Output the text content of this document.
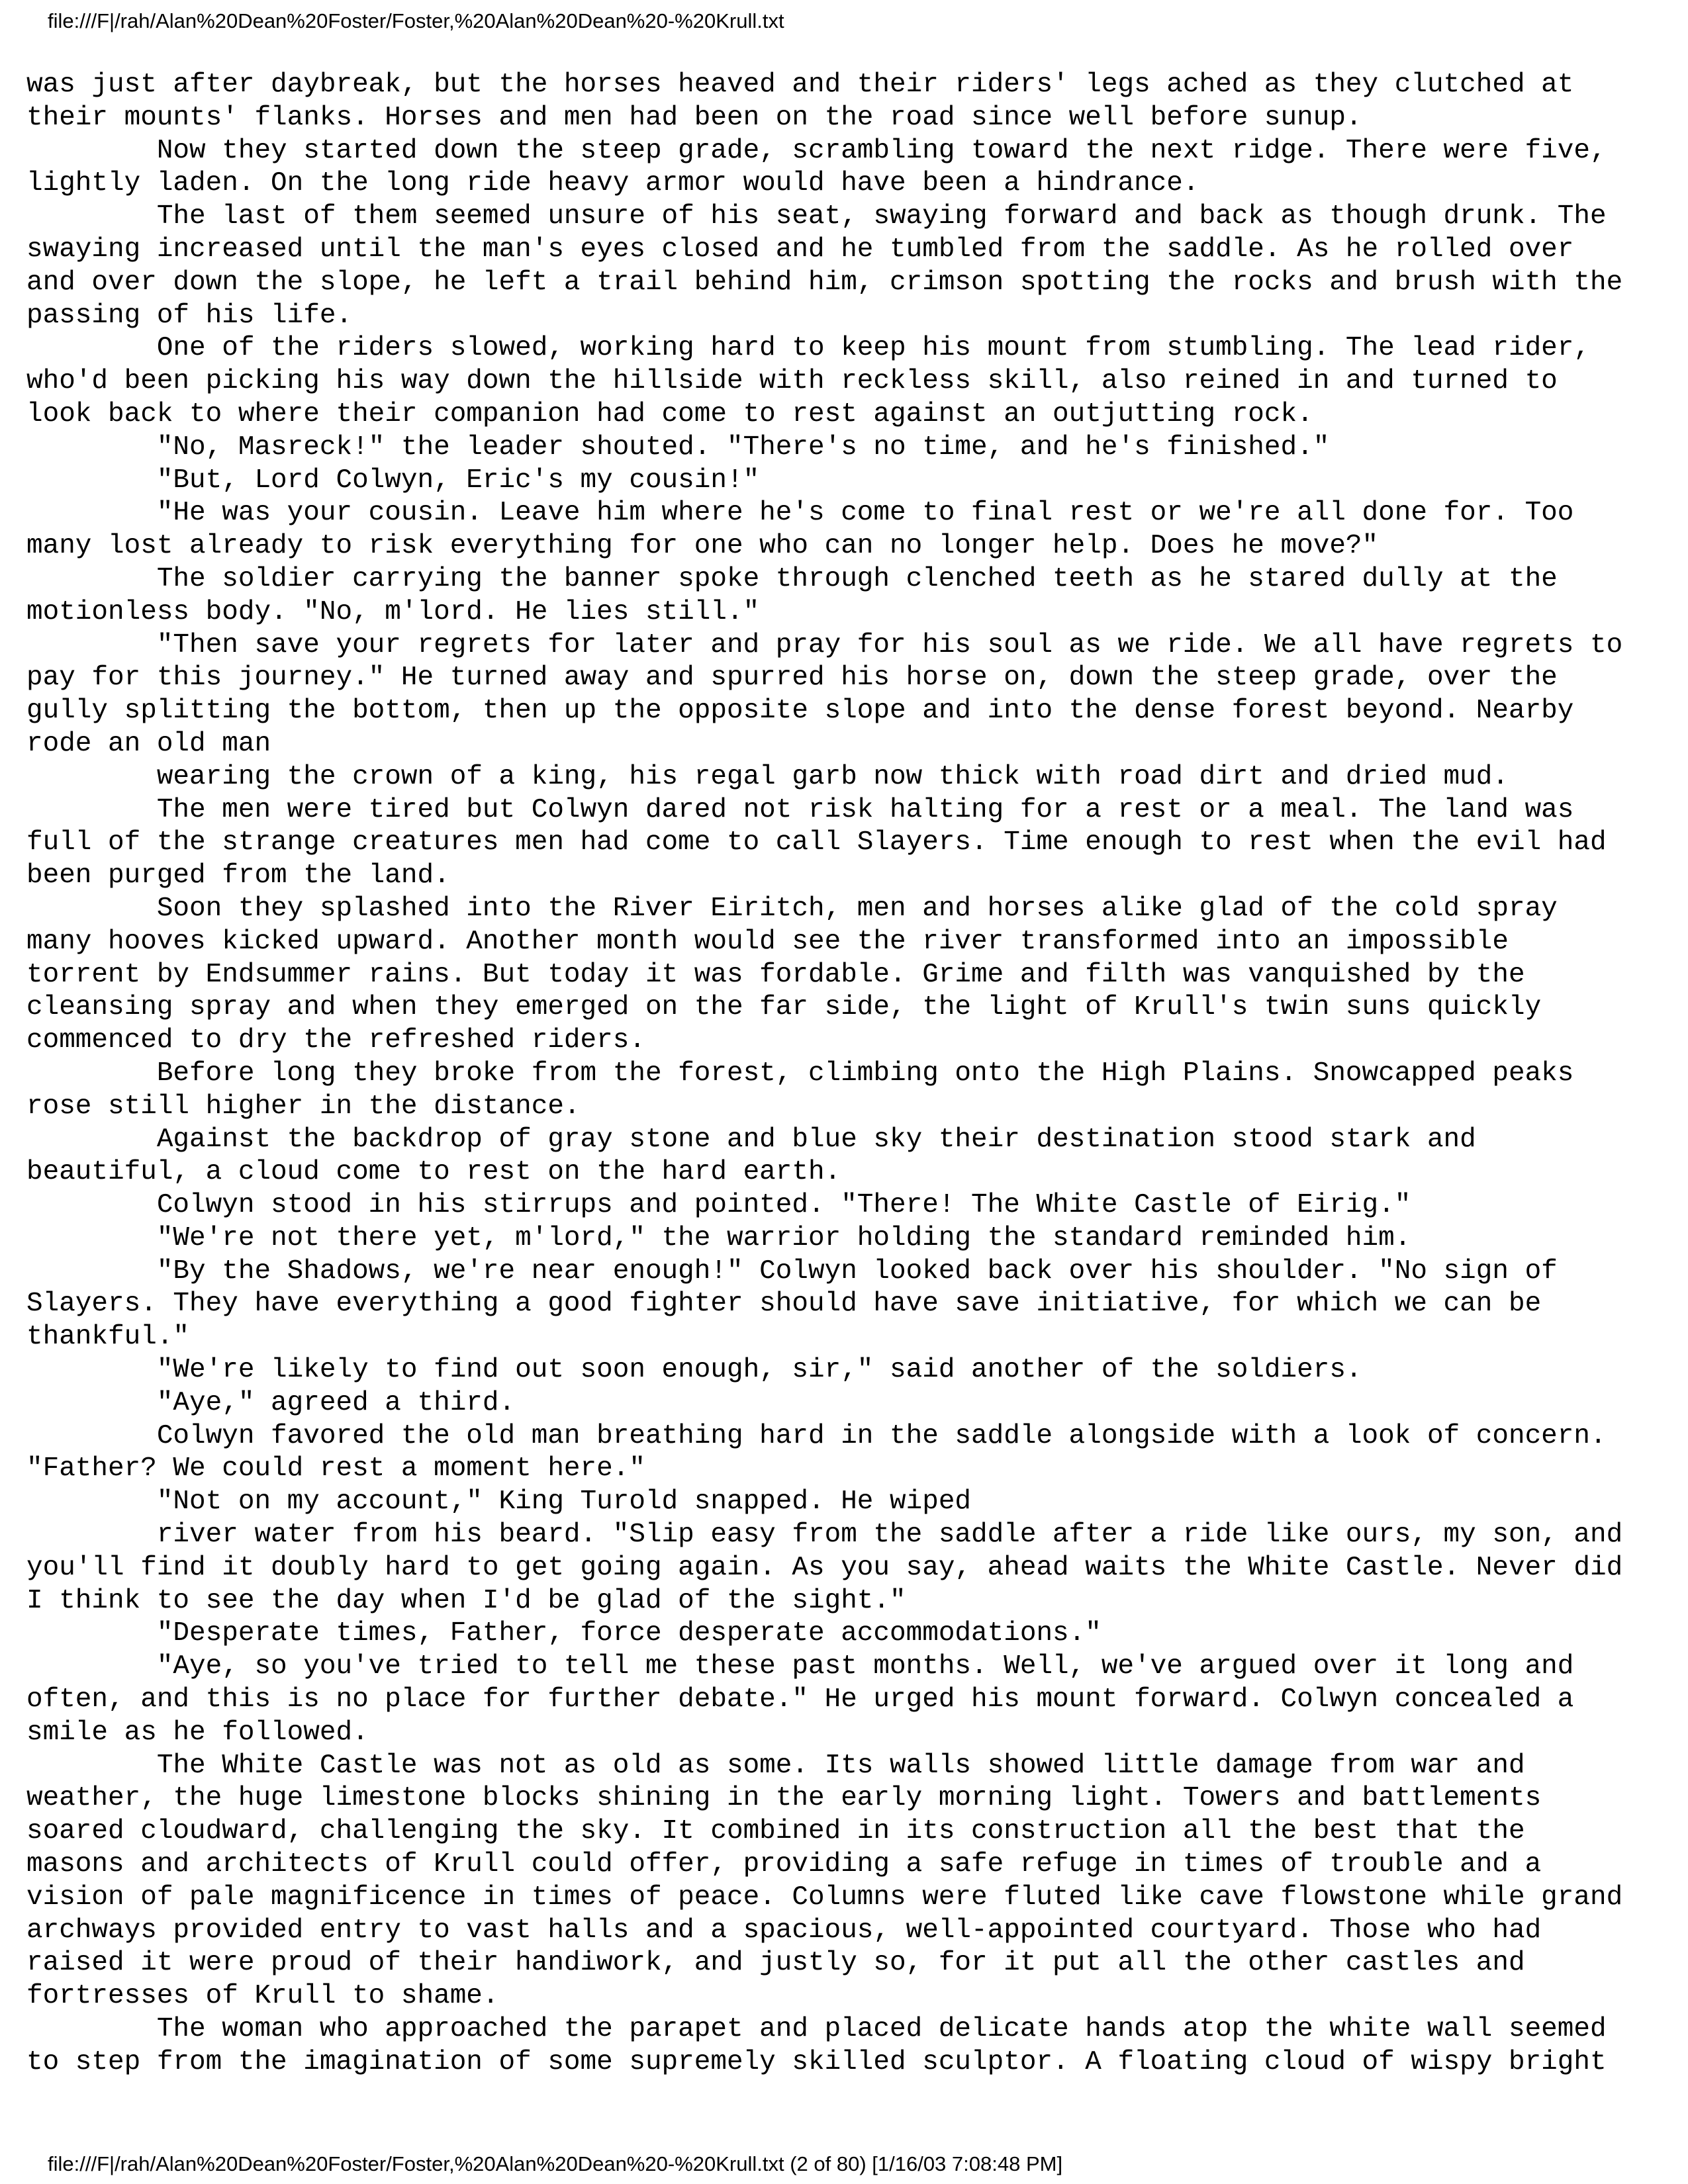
file:///F|/rah/Alan%20Dean%20Foster/Foster,%20Alan%20Dean%20-%20Krull.txt
was just after daybreak, but the horses heaved and their riders' legs ached as they clutched at
their mounts' flanks. Horses and men had been on the road since well before sunup.
Now they started down the steep grade, scrambling toward the next ridge. There were five,
lightly laden. On the long ride heavy armor would have been a hindrance.
The last of them seemed unsure of his seat, swaying forward and back as though drunk. The
swaying increased until the man's eyes closed and he tumbled from the saddle. As he rolled over
and over down the slope, he left a trail behind him, crimson spotting the rocks and brush with the
passing of his life.
One of the riders slowed, working hard to keep his mount from stumbling. The lead rider,
who'd been picking his way down the hillside with reckless skill, also reined in and turned to
look back to where their companion had come to rest against an outjutting rock.
"No, Masreck!" the leader shouted. "There's no time, and he's finished."
"But, Lord Colwyn, Eric's my cousin!"
"He was your cousin. Leave him where he's come to final rest or we're all done for. Too
many lost already to risk everything for one who can no longer help. Does he move?"
The soldier carrying the banner spoke through clenched teeth as he stared dully at the
motionless body. "No, m'lord. He lies still."
"Then save your regrets for later and pray for his soul as we ride. We all have regrets to
pay for this journey." He turned away and spurred his horse on, down the steep grade, over the
gully splitting the bottom, then up the opposite slope and into the dense forest beyond. Nearby
rode an old man
wearing the crown of a king, his regal garb now thick with road dirt and dried mud.
The men were tired but Colwyn dared not risk halting for a rest or a meal. The land was
full of the strange creatures men had come to call Slayers. Time enough to rest when the evil had
been purged from the land.
Soon they splashed into the River Eiritch, men and horses alike glad of the cold spray
many hooves kicked upward. Another month would see the river transformed into an impossible
torrent by Endsummer rains. But today it was fordable. Grime and filth was vanquished by the
cleansing spray and when they emerged on the far side, the light of Krull's twin suns quickly
commenced to dry the refreshed riders.
Before long they broke from the forest, climbing onto the High Plains. Snowcapped peaks
rose still higher in the distance.
Against the backdrop of gray stone and blue sky their destination stood stark and
beautiful, a cloud come to rest on the hard earth.
Colwyn stood in his stirrups and pointed. "There! The White Castle of Eirig."
"We're not there yet, m'lord," the warrior holding the standard reminded him.
"By the Shadows, we're near enough!" Colwyn looked back over his shoulder. "No sign of
Slayers. They have everything a good fighter should have save initiative, for which we can be
thankful."
"We're likely to find out soon enough, sir," said another of the soldiers.
"Aye," agreed a third.
Colwyn favored the old man breathing hard in the saddle alongside with a look of concern.
"Father? We could rest a moment here."
"Not on my account," King Turold snapped. He wiped
river water from his beard. "Slip easy from the saddle after a ride like ours, my son, and
you'll find it doubly hard to get going again. As you say, ahead waits the White Castle. Never did
I think to see the day when I'd be glad of the sight."
"Desperate times, Father, force desperate accommodations."
"Aye, so you've tried to tell me these past months. Well, we've argued over it long and
often, and this is no place for further debate." He urged his mount forward. Colwyn concealed a
smile as he followed.
The White Castle was not as old as some. Its walls showed little damage from war and
weather, the huge limestone blocks shining in the early morning light. Towers and battlements
soared cloudward, challenging the sky. It combined in its construction all the best that the
masons and architects of Krull could offer, providing a safe refuge in times of trouble and a
vision of pale magnificence in times of peace. Columns were fluted like cave flowstone while grand
archways provided entry to vast halls and a spacious, well-appointed courtyard. Those who had
raised it were proud of their handiwork, and justly so, for it put all the other castles and
fortresses of Krull to shame.
The woman who approached the parapet and placed delicate hands atop the white wall seemed
to step from the imagination of some supremely skilled sculptor. A floating cloud of wispy bright
file:///F|/rah/Alan%20Dean%20Foster/Foster,%20Alan%20Dean%20-%20Krull.txt (2 of 80) [1/16/03 7:08:48 PM]
